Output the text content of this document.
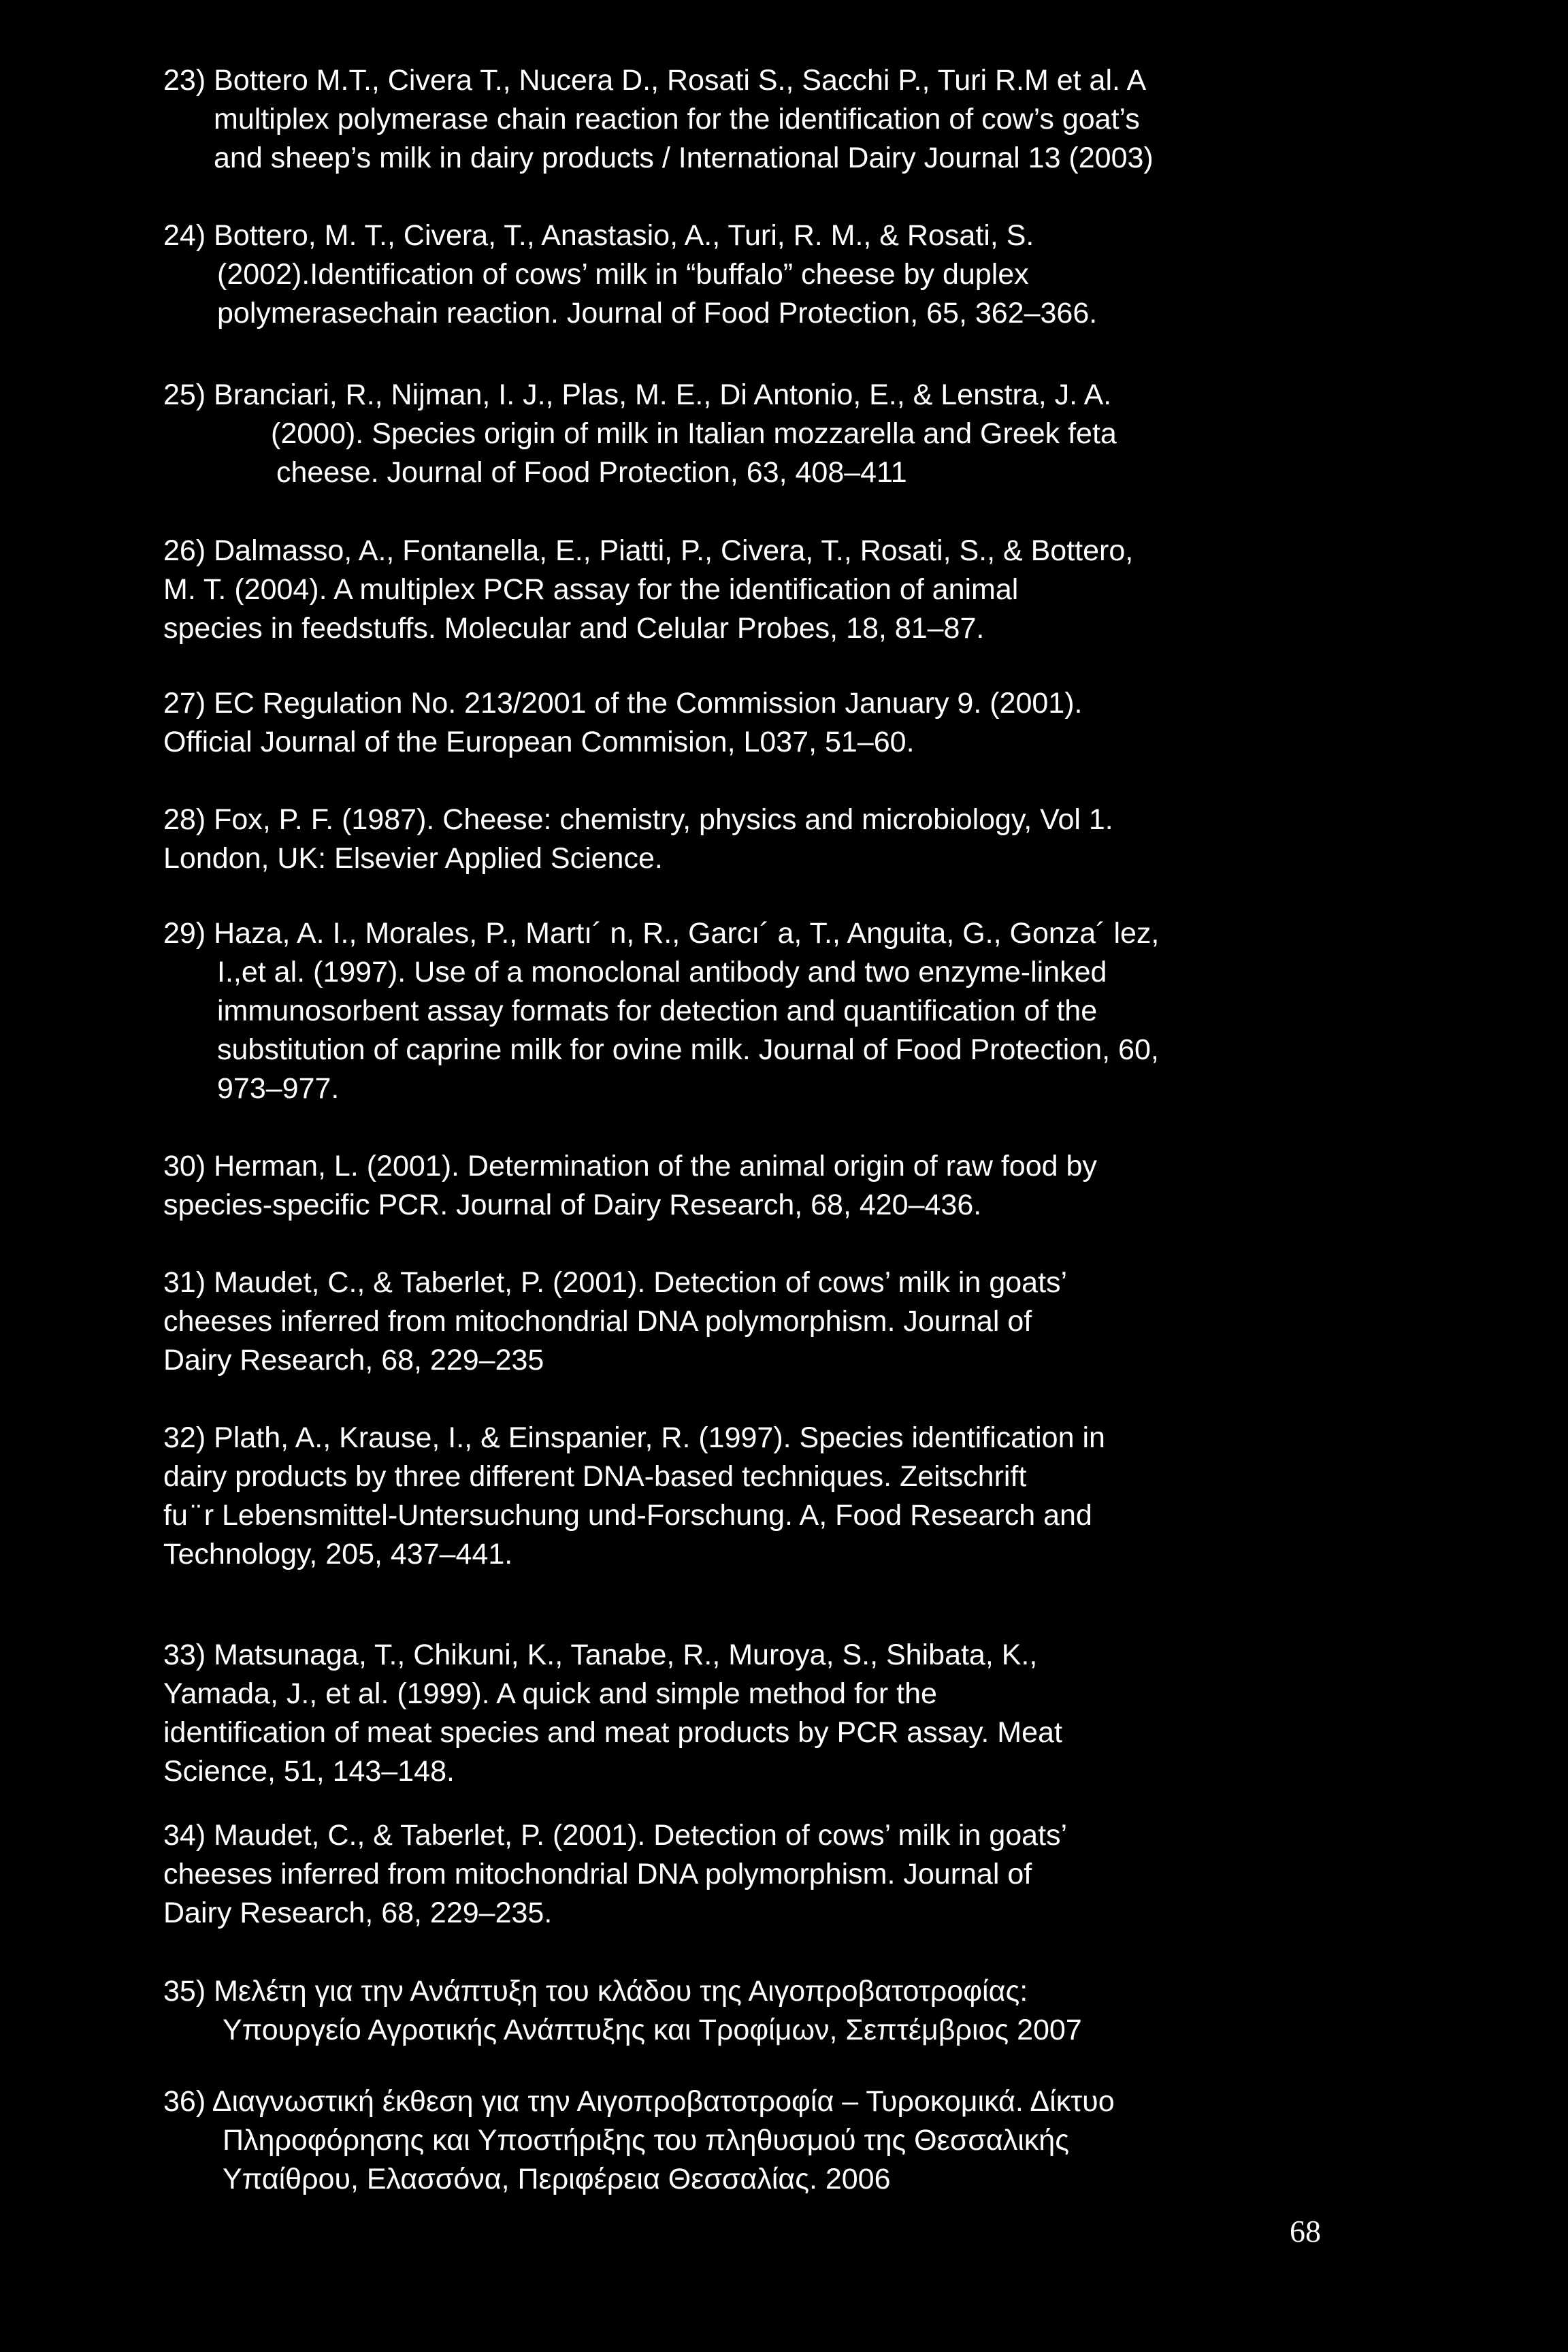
23) Bottero M.T., Civera T., Nucera D., Rosati S., Sacchi P., Turi R.M et al. A
multiplex polymerase chain reaction for the identification of cow’s goat’s
and sheep’s milk in dairy products / International Dairy Journal 13 (2003)
24) Bottero, M. T., Civera, T., Anastasio, A., Turi, R. M., & Rosati, S.
(2002).Identification of cows’ milk in “buffalo” cheese by duplex
polymerasechain reaction. Journal of Food Protection, 65, 362–366.
25) Branciari, R., Nijman, I. J., Plas, M. E., Di Antonio, E., & Lenstra, J. A.
(2000). Species origin of milk in Italian mozzarella and Greek feta
cheese. Journal of Food Protection, 63, 408–411
26) Dalmasso, A., Fontanella, E., Piatti, P., Civera, T., Rosati, S., & Bottero,
M. T. (2004). A multiplex PCR assay for the identification of animal
species in feedstuffs. Molecular and Celular Probes, 18, 81–87.
27) EC Regulation No. 213/2001 of the Commission January 9. (2001).
Official Journal of the European Commision, L037, 51–60.
28) Fox, P. F. (1987). Cheese: chemistry, physics and microbiology, Vol 1.
London, UK: Elsevier Applied Science.
29) Haza, A. I., Morales, P., Martı´ n, R., Garcı´ a, T., Anguita, G., Gonza´ lez,
I.,et al. (1997). Use of a monoclonal antibody and two enzyme-linked
immunosorbent assay formats for detection and quantification of the
substitution of caprine milk for ovine milk. Journal of Food Protection, 60,
973–977.
30) Herman, L. (2001). Determination of the animal origin of raw food by
species-specific PCR. Journal of Dairy Research, 68, 420–436.
31) Maudet, C., & Taberlet, P. (2001). Detection of cows’ milk in goats’
cheeses inferred from mitochondrial DNA polymorphism. Journal of
Dairy Research, 68, 229–235
32) Plath, A., Krause, I., & Einspanier, R. (1997). Species identification in
dairy products by three different DNA-based techniques. Zeitschrift
fu ̈ r Lebensmittel-Untersuchung und-Forschung. A, Food Research and
Technology, 205, 437–441.
33) Matsunaga, T., Chikuni, K., Tanabe, R., Muroya, S., Shibata, K.,
Yamada, J., et al. (1999). A quick and simple method for the
identification of meat species and meat products by PCR assay. Meat
Science, 51, 143–148.
34) Maudet, C., & Taberlet, P. (2001). Detection of cows’ milk in goats’
cheeses inferred from mitochondrial DNA polymorphism. Journal of
Dairy Research, 68, 229–235.
35) Μελέτη για την Ανάπτυξη του κλάδου της Αιγοπροβατοτροφίας:
Υπουργείο Αγροτικής Ανάπτυξης και Τροφίμων, Σεπτέμβριος 2007
36) Διαγνωστική έκθεση για την Αιγοπροβατοτροφία – Τυροκομικά. Δίκτυο
Πληροφόρησης και Υποστήριξης του πληθυσμού της Θεσσαλικής
Υπαίθρου, Ελασσόνα, Περιφέρεια Θεσσαλίας. 2006
68
